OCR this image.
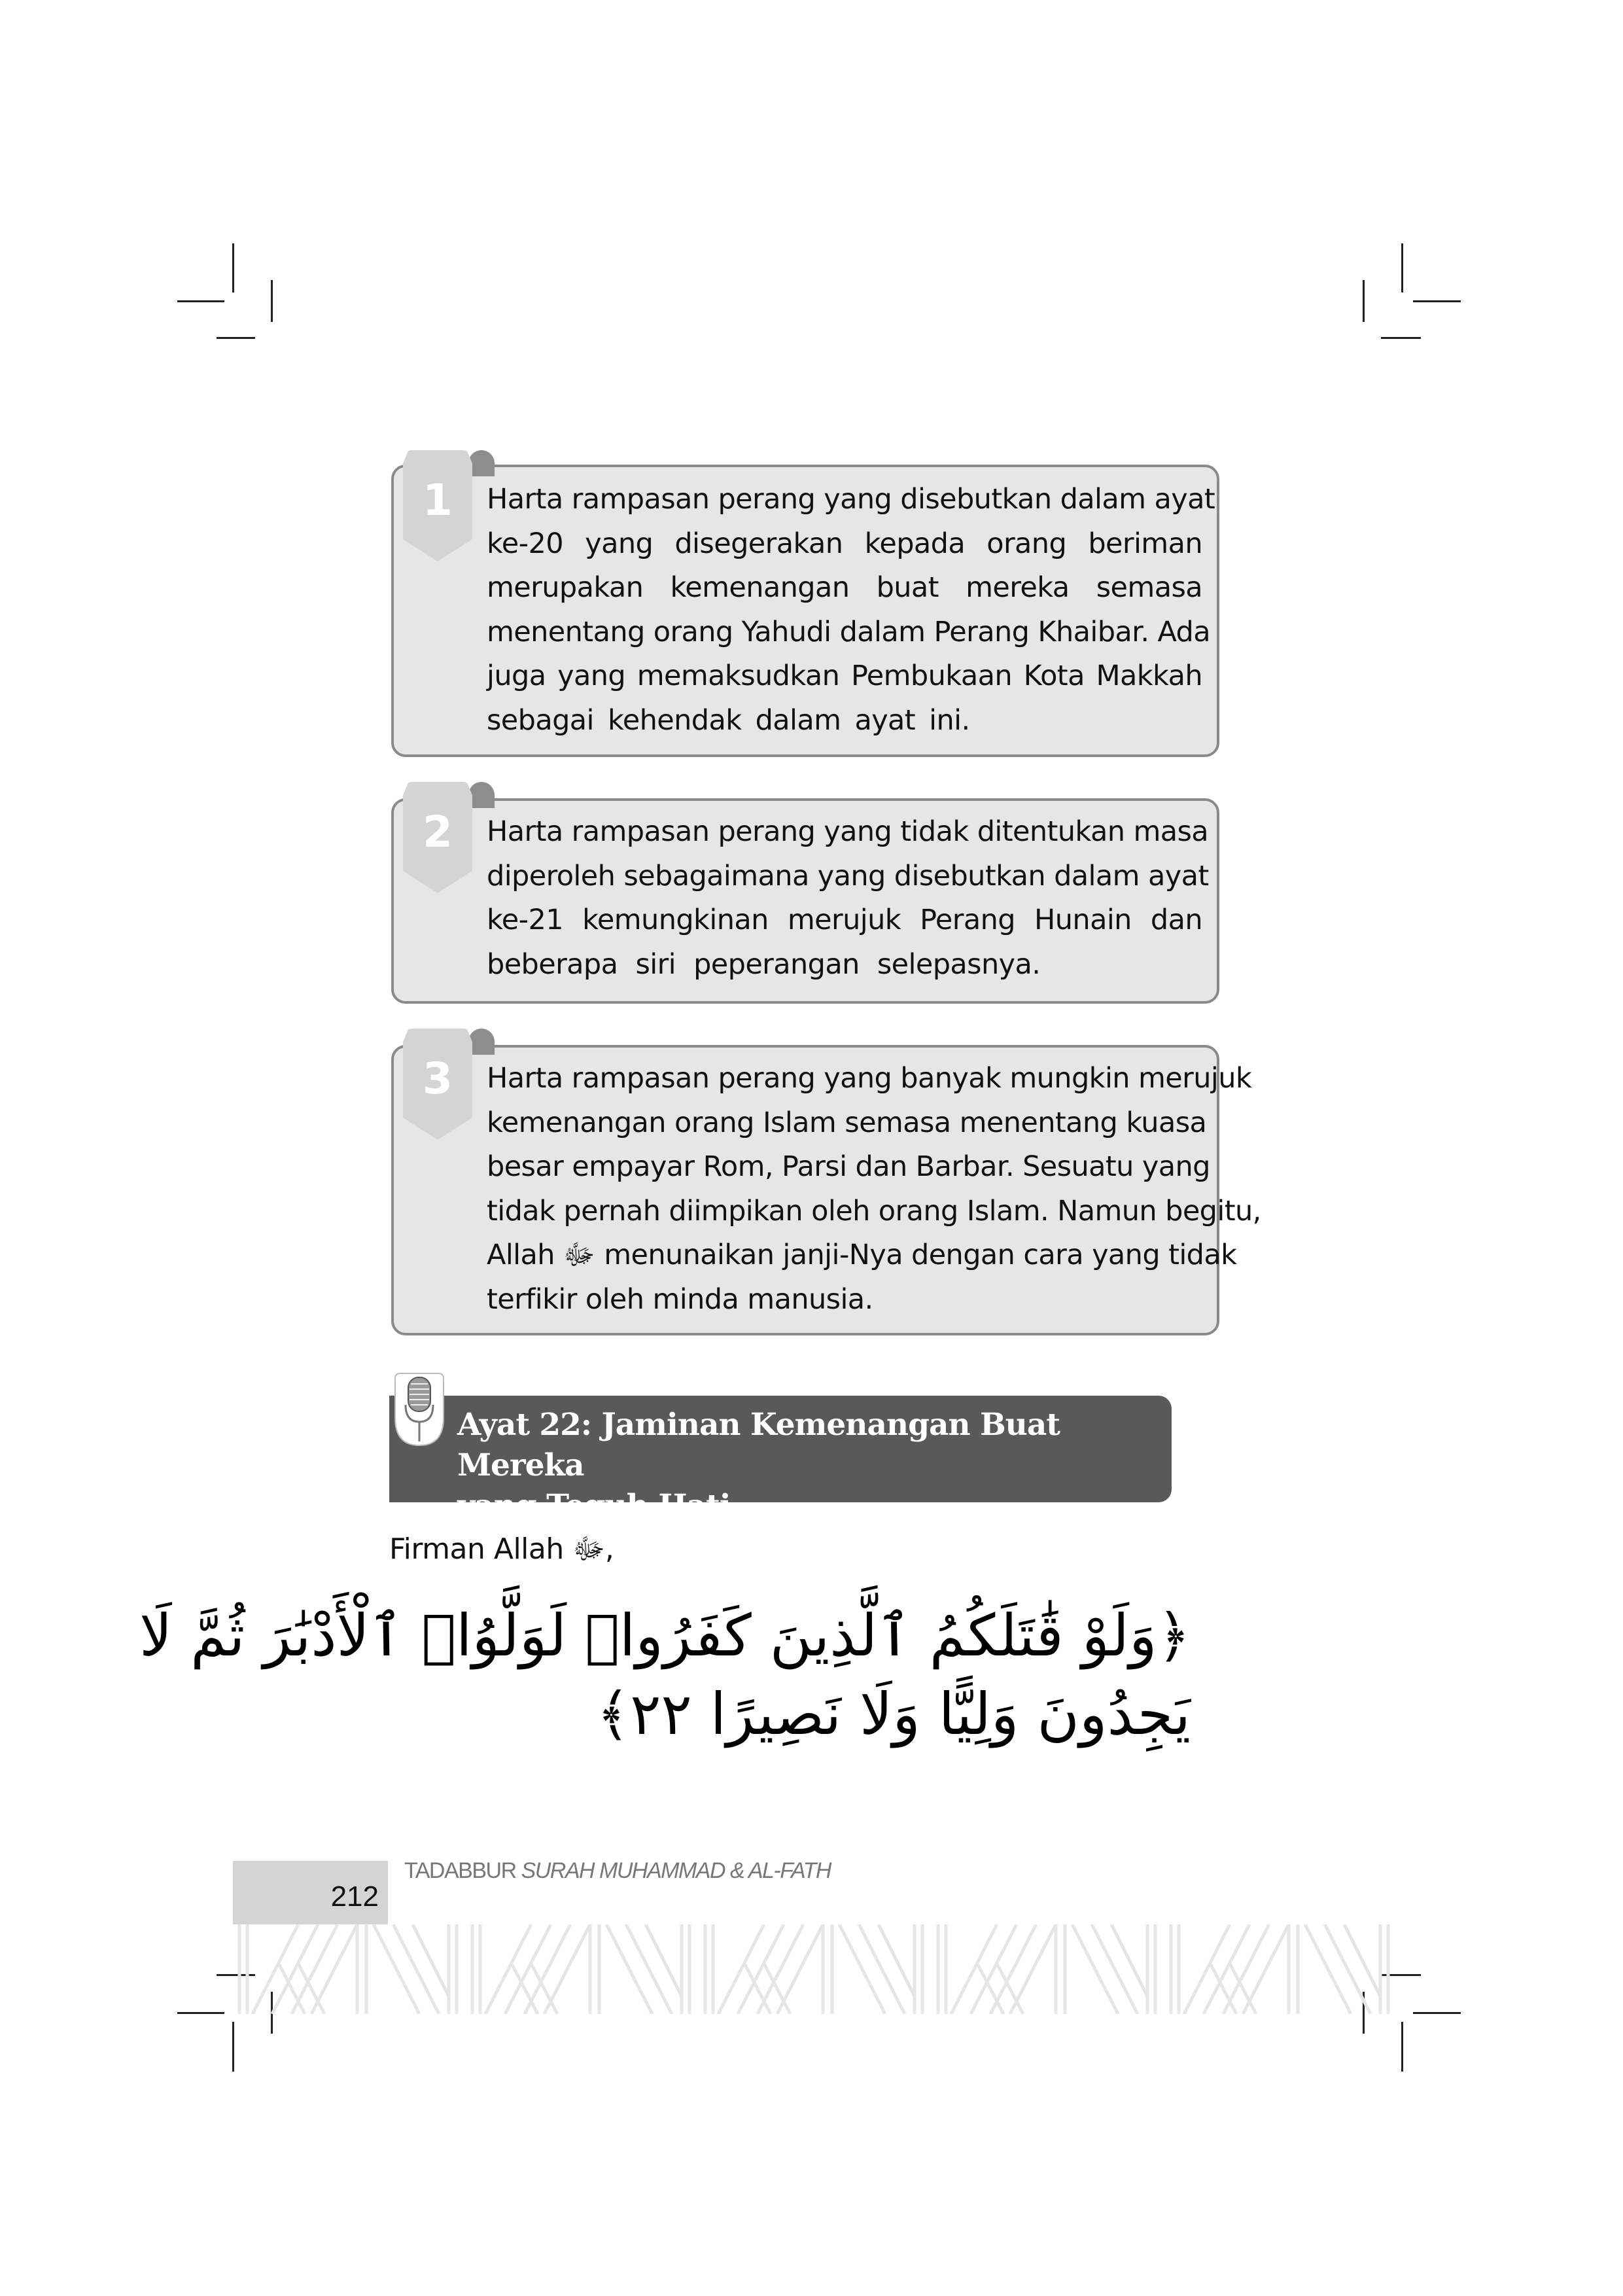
1	Harta rampasan perang yang disebutkan dalam ayat
ke-20 yang disegerakan kepada orang beriman
merupakan kemenangan buat mereka semasa
menentang orang Yahudi dalam Perang Khaibar. Ada
juga yang memaksudkan Pembukaan Kota Makkah
sebagai kehendak dalam ayat ini.
2	Harta rampasan perang yang tidak ditentukan masa
diperoleh sebagaimana yang disebutkan dalam ayat
ke-21 kemungkinan merujuk Perang Hunain dan
beberapa siri peperangan selepasnya.
3	Harta rampasan perang yang banyak mungkin merujuk
kemenangan orang Islam semasa menentang kuasa
besar empayar Rom, Parsi dan Barbar. Sesuatu yang
tidak pernah diimpikan oleh orang Islam. Namun begitu,
Allah ﷻ menunaikan janji-Nya dengan cara yang tidak
terfikir oleh minda manusia.
Ayat 22: Jaminan Kemenangan Buat Mereka
yang Teguh Hati
Firman Allah ﷻ,
﴿وَلَوْ قَٰتَلَكُمُ ٱلَّذِينَ كَفَرُوا۟ لَوَلَّوُا۟ ٱلْأَدْبَٰرَ ثُمَّ لَا
يَجِدُونَ وَلِيًّا وَلَا نَصِيرًا ٢٢﴾
212
TADABBUR SURAH MUHAMMAD & AL-FATH
